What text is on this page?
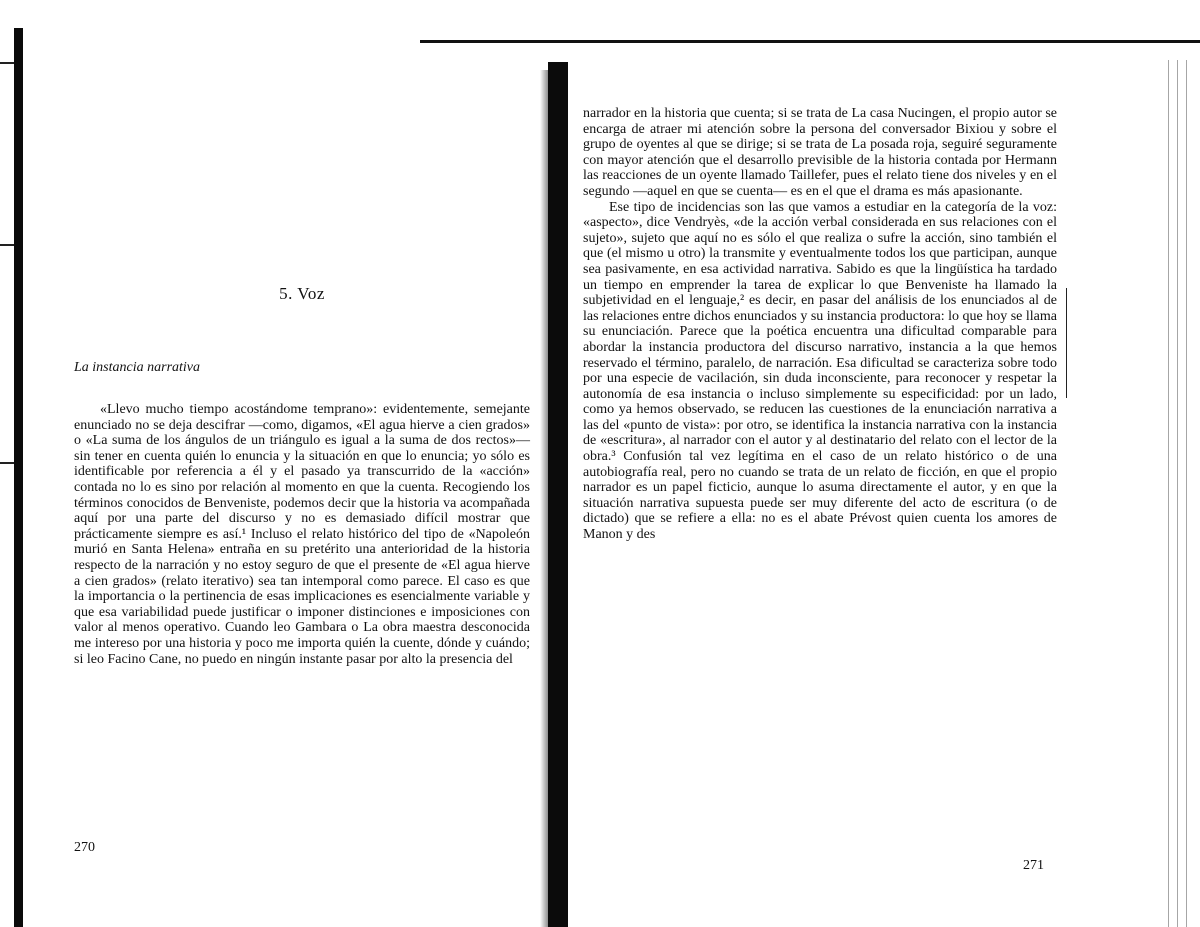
5. Voz
La instancia narrativa

«Llevo mucho tiempo acostándome temprano»: evidentemente, semejante enunciado no se deja descifrar —como, digamos, «El agua hierve a cien grados» o «La suma de los ángulos de un triángulo es igual a la suma de dos rectos»— sin tener en cuenta quién lo enuncia y la situación en que lo enuncia; yo sólo es identificable por referencia a él y el pasado ya transcurrido de la «acción» contada no lo es sino por relación al momento en que la cuenta. Recogiendo los términos conocidos de Benveniste, podemos decir que la historia va acompañada aquí por una parte del discurso y no es demasiado difícil mostrar que prácticamente siempre es así.¹ Incluso el relato histórico del tipo de «Napoleón murió en Santa Helena» entraña en su pretérito una anterioridad de la historia respecto de la narración y no estoy seguro de que el presente de «El agua hierve a cien grados» (relato iterativo) sea tan intemporal como parece. El caso es que la importancia o la pertinencia de esas implicaciones es esencialmente variable y que esa variabilidad puede justificar o imponer distinciones e imposiciones con valor al menos operativo. Cuando leo Gambara o La obra maestra desconocida me intereso por una historia y poco me importa quién la cuente, dónde y cuándo; si leo Facino Cane, no puedo en ningún instante pasar por alto la presencia del

270

narrador en la historia que cuenta; si se trata de La casa Nucingen, el propio autor se encarga de atraer mi atención sobre la persona del conversador Bixiou y sobre el grupo de oyentes al que se dirige; si se trata de La posada roja, seguiré seguramente con mayor atención que el desarrollo previsible de la historia contada por Hermann las reacciones de un oyente llamado Taillefer, pues el relato tiene dos niveles y en el segundo —aquel en que se cuenta— es en el que el drama es más apasionante.

Ese tipo de incidencias son las que vamos a estudiar en la categoría de la voz: «aspecto», dice Vendryès, «de la acción verbal considerada en sus relaciones con el sujeto», sujeto que aquí no es sólo el que realiza o sufre la acción, sino también el que (el mismo u otro) la transmite y eventualmente todos los que participan, aunque sea pasivamente, en esa actividad narrativa. Sabido es que la lingüística ha tardado un tiempo en emprender la tarea de explicar lo que Benveniste ha llamado la subjetividad en el lenguaje,² es decir, en pasar del análisis de los enunciados al de las relaciones entre dichos enunciados y su instancia productora: lo que hoy se llama su enunciación. Parece que la poética encuentra una dificultad comparable para abordar la instancia productora del discurso narrativo, instancia a la que hemos reservado el término, paralelo, de narración. Esa dificultad se caracteriza sobre todo por una especie de vacilación, sin duda inconsciente, para reconocer y respetar la autonomía de esa instancia o incluso simplemente su especificidad: por un lado, como ya hemos observado, se reducen las cuestiones de la enunciación narrativa a las del «punto de vista»: por otro, se identifica la instancia narrativa con la instancia de «escritura», al narrador con el autor y al destinatario del relato con el lector de la obra.³ Confusión tal vez legítima en el caso de un relato histórico o de una autobiografía real, pero no cuando se trata de un relato de ficción, en que el propio narrador es un papel ficticio, aunque lo asuma directamente el autor, y en que la situación narrativa supuesta puede ser muy diferente del acto de escritura (o de dictado) que se refiere a ella: no es el abate Prévost quien cuenta los amores de Manon y des

271
